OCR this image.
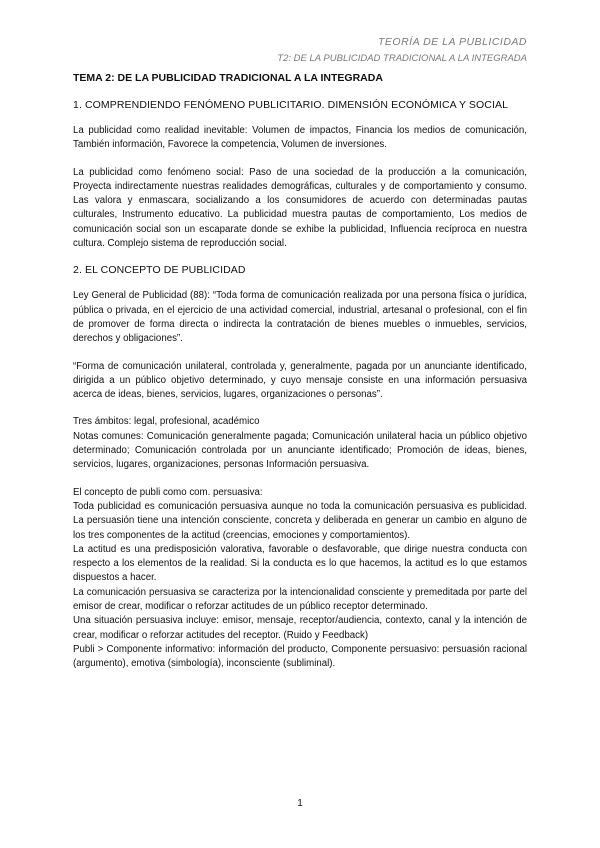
TEORÍA DE LA PUBLICIDAD
T2: DE LA PUBLICIDAD TRADICIONAL A LA INTEGRADA
TEMA 2: DE LA PUBLICIDAD TRADICIONAL A LA INTEGRADA
1. COMPRENDIENDO FENÓMENO PUBLICITARIO. DIMENSIÓN ECONÓMICA Y SOCIAL

La publicidad como realidad inevitable: Volumen de impactos, Financia los medios de comunicación, También información, Favorece la competencia, Volumen de inversiones.

La publicidad como fenómeno social: Paso de una sociedad de la producción a la comunicación, Proyecta indirectamente nuestras realidades demográficas, culturales y de comportamiento y consumo. Las valora y enmascara, socializando a los consumidores de acuerdo con determinadas pautas culturales, Instrumento educativo. La publicidad muestra pautas de comportamiento, Los medios de comunicación social son un escaparate donde se exhibe la publicidad, Influencia recíproca en nuestra cultura. Complejo sistema de reproducción social.

2. EL CONCEPTO DE PUBLICIDAD

Ley General de Publicidad (88): “Toda forma de comunicación realizada por una persona física o jurídica, pública o privada, en el ejercicio de una actividad comercial, industrial, artesanal o profesional, con el fin de promover de forma directa o indirecta la contratación de bienes muebles o inmuebles, servicios, derechos y obligaciones”.

“Forma de comunicación unilateral, controlada y, generalmente, pagada por un anunciante identificado, dirigida a un público objetivo determinado, y cuyo mensaje consiste en una información persuasiva acerca de ideas, bienes, servicios, lugares, organizaciones o personas”.

Tres ámbitos: legal, profesional, académico

Notas comunes: Comunicación generalmente pagada; Comunicación unilateral hacia un público objetivo determinado; Comunicación controlada por un anunciante identificado; Promoción de ideas, bienes, servicios, lugares, organizaciones, personas Información persuasiva.

El concepto de publi como com. persuasiva:

Toda publicidad es comunicación persuasiva aunque no toda la comunicación persuasiva es publicidad. La persuasión tiene una intención consciente, concreta y deliberada en generar un cambio en alguno de los tres componentes de la actitud (creencias, emociones y comportamientos).

La actitud es una predisposición valorativa, favorable o desfavorable, que dirige nuestra conducta con respecto a los elementos de la realidad. Si la conducta es lo que hacemos, la actitud es lo que estamos dispuestos a hacer.

La comunicación persuasiva se caracteriza por la intencionalidad consciente y premeditada por parte del emisor de crear, modificar o reforzar actitudes de un público receptor determinado.

Una situación persuasiva incluye: emisor, mensaje, receptor/audiencia, contexto, canal y la intención de crear, modificar o reforzar actitudes del receptor. (Ruido y Feedback)

Publi > Componente informativo: información del producto, Componente persuasivo: persuasión racional (argumento), emotiva (simbología), inconsciente (subliminal).

1
